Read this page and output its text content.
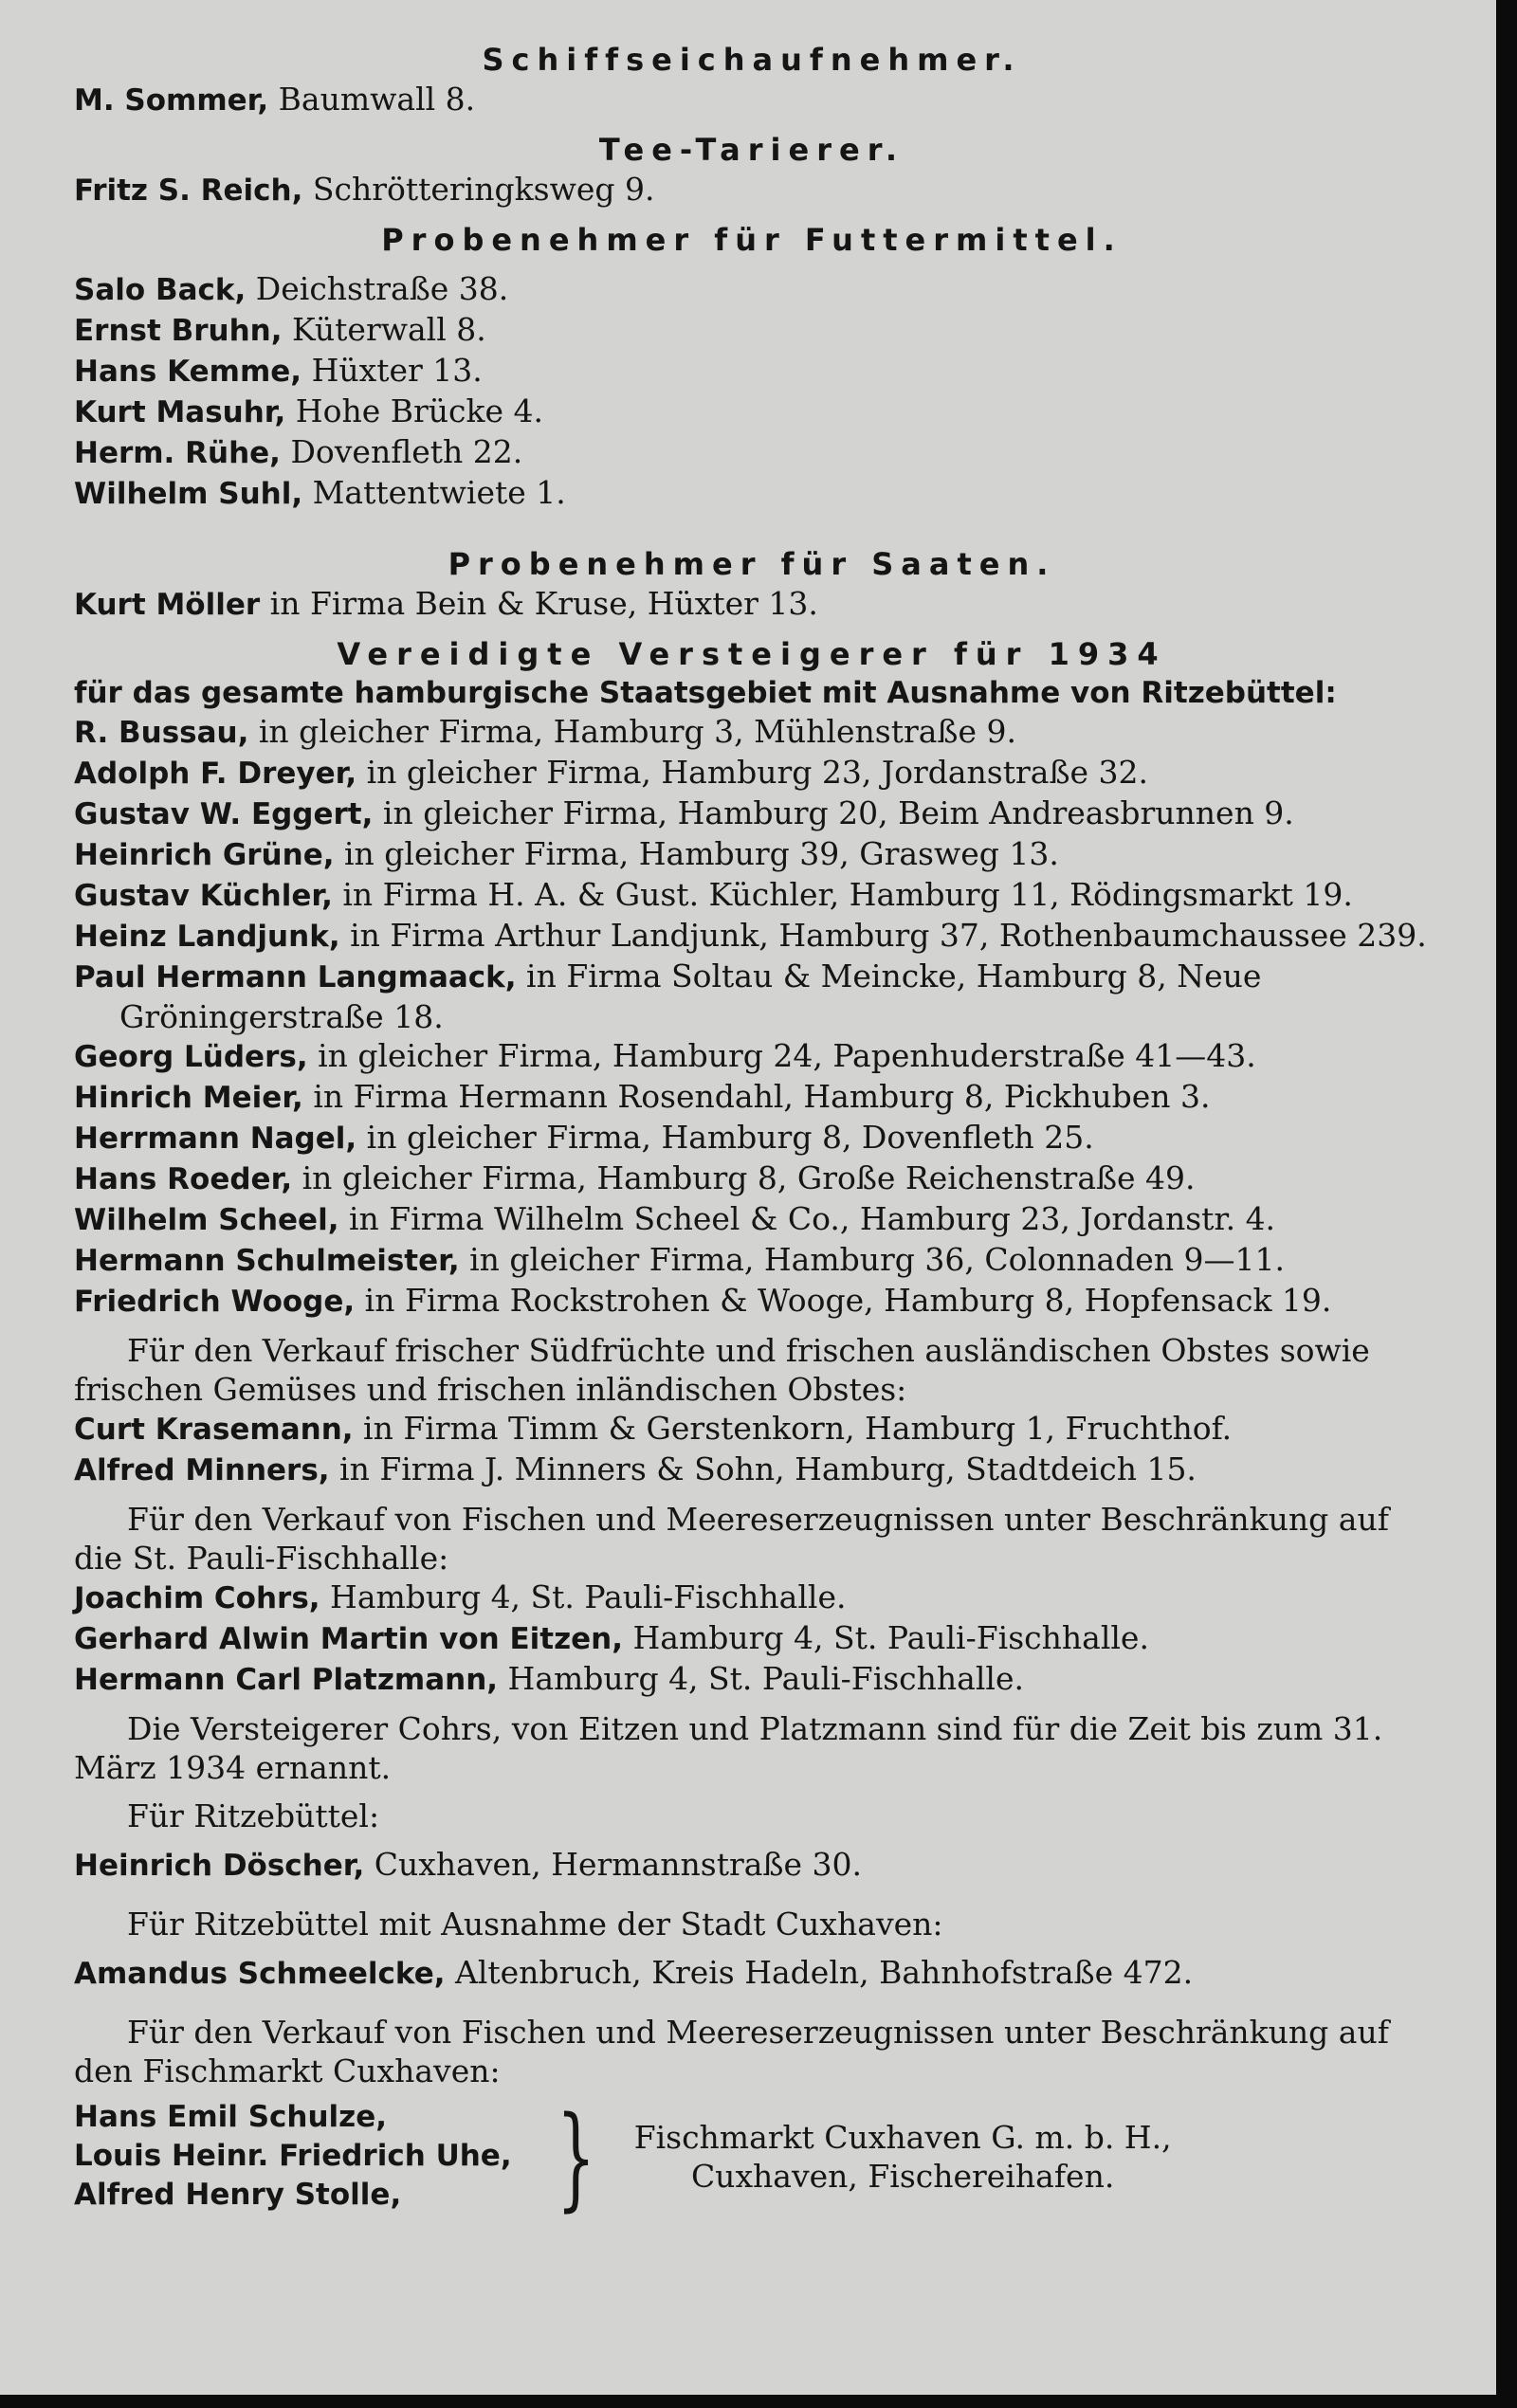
Schiffseichaufnehmer.
M. Sommer, Baumwall 8.
Tee-Tarierer.
Fritz S. Reich, Schrötteringksweg 9.
Probenehmer für Futtermittel.
Salo Back, Deichstraße 38.
Ernst Bruhn, Küterwall 8.
Hans Kemme, Hüxter 13.
Kurt Masuhr, Hohe Brücke 4.
Herm. Rühe, Dovenfleth 22.
Wilhelm Suhl, Mattentwiete 1.
Probenehmer für Saaten.
Kurt Möller in Firma Bein & Kruse, Hüxter 13.
Vereidigte Versteigerer für 1934
für das gesamte hamburgische Staatsgebiet mit Ausnahme von Ritzebüttel:
R. Bussau, in gleicher Firma, Hamburg 3, Mühlenstraße 9.
Adolph F. Dreyer, in gleicher Firma, Hamburg 23, Jordanstraße 32.
Gustav W. Eggert, in gleicher Firma, Hamburg 20, Beim Andreasbrunnen 9.
Heinrich Grüne, in gleicher Firma, Hamburg 39, Grasweg 13.
Gustav Küchler, in Firma H. A. & Gust. Küchler, Hamburg 11, Rödingsmarkt 19.
Heinz Landjunk, in Firma Arthur Landjunk, Hamburg 37, Rothenbaumchaussee 239.
Paul Hermann Langmaack, in Firma Soltau & Meincke, Hamburg 8, Neue Gröningerstraße 18.
Georg Lüders, in gleicher Firma, Hamburg 24, Papenhuderstraße 41—43.
Hinrich Meier, in Firma Hermann Rosendahl, Hamburg 8, Pickhuben 3.
Herrmann Nagel, in gleicher Firma, Hamburg 8, Dovenfleth 25.
Hans Roeder, in gleicher Firma, Hamburg 8, Große Reichenstraße 49.
Wilhelm Scheel, in Firma Wilhelm Scheel & Co., Hamburg 23, Jordanstr. 4.
Hermann Schulmeister, in gleicher Firma, Hamburg 36, Colonnaden 9—11.
Friedrich Wooge, in Firma Rockstrohen & Wooge, Hamburg 8, Hopfensack 19.
Für den Verkauf frischer Südfrüchte und frischen ausländischen Obstes sowie frischen Gemüses und frischen inländischen Obstes:
Curt Krasemann, in Firma Timm & Gerstenkorn, Hamburg 1, Fruchthof.
Alfred Minners, in Firma J. Minners & Sohn, Hamburg, Stadtdeich 15.
Für den Verkauf von Fischen und Meereserzeugnissen unter Beschränkung auf die St. Pauli-Fischhalle:
Joachim Cohrs, Hamburg 4, St. Pauli-Fischhalle.
Gerhard Alwin Martin von Eitzen, Hamburg 4, St. Pauli-Fischhalle.
Hermann Carl Platzmann, Hamburg 4, St. Pauli-Fischhalle.
Die Versteigerer Cohrs, von Eitzen und Platzmann sind für die Zeit bis zum 31. März 1934 ernannt.
Für Ritzebüttel:
Heinrich Döscher, Cuxhaven, Hermannstraße 30.
Für Ritzebüttel mit Ausnahme der Stadt Cuxhaven:
Amandus Schmeelcke, Altenbruch, Kreis Hadeln, Bahnhofstraße 472.
Für den Verkauf von Fischen und Meereserzeugnissen unter Beschränkung auf den Fischmarkt Cuxhaven:
Hans Emil Schulze,
Louis Heinr. Friedrich Uhe,
Alfred Henry Stolle,	} Fischmarkt Cuxhaven G. m. b. H.,
Cuxhaven, Fischereihafen.
